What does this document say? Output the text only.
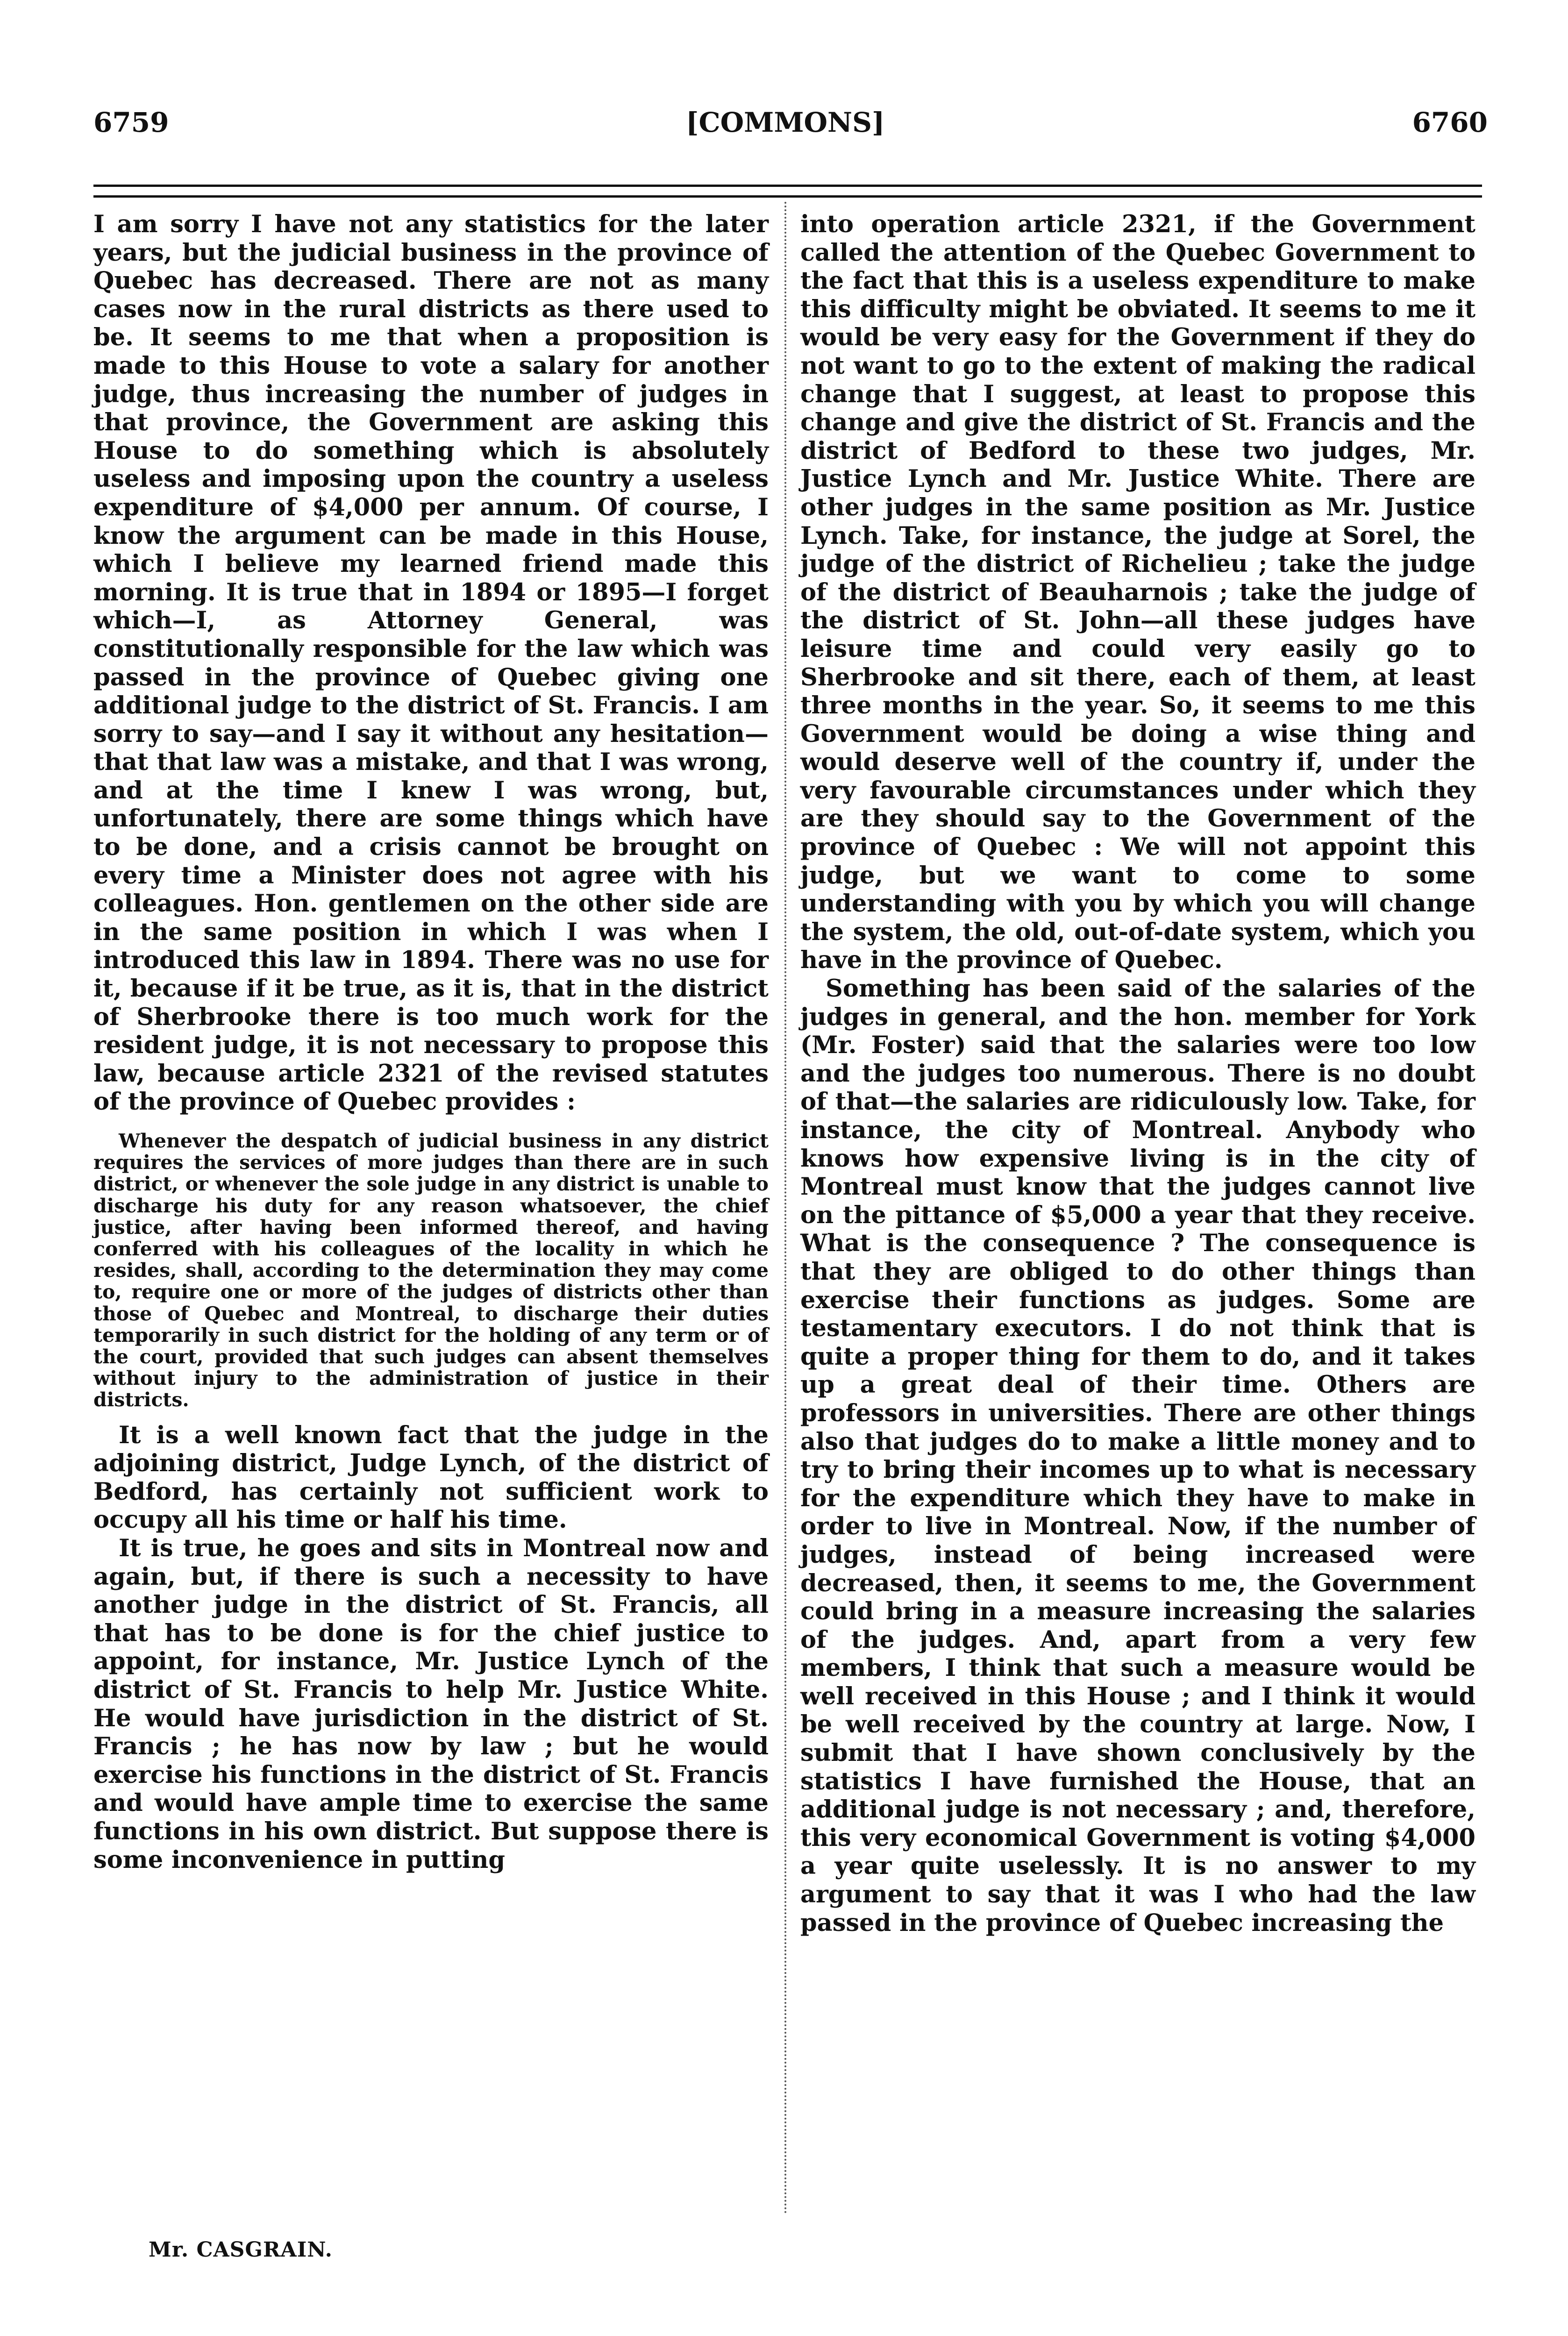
6759	[COMMONS]	6760

I am sorry I have not any statistics for the later years, but the judicial business in the province of Quebec has decreased. There are not as many cases now in the rural districts as there used to be. It seems to me that when a proposition is made to this House to vote a salary for another judge, thus increasing the number of judges in that province, the Government are asking this House to do something which is absolutely useless and imposing upon the country a useless expenditure of $4,000 per annum. Of course, I know the argument can be made in this House, which I believe my learned friend made this morning. It is true that in 1894 or 1895—I forget which—I, as Attorney General, was constitutionally responsible for the law which was passed in the province of Quebec giving one additional judge to the district of St. Francis. I am sorry to say—and I say it without any hesitation—that that law was a mistake, and that I was wrong, and at the time I knew I was wrong, but, unfortunately, there are some things which have to be done, and a crisis cannot be brought on every time a Minister does not agree with his colleagues. Hon. gentlemen on the other side are in the same position in which I was when I introduced this law in 1894. There was no use for it, because if it be true, as it is, that in the district of Sherbrooke there is too much work for the resident judge, it is not necessary to propose this law, because article 2321 of the revised statutes of the province of Quebec provides :

Whenever the despatch of judicial business in any district requires the services of more judges than there are in such district, or whenever the sole judge in any district is unable to discharge his duty for any reason whatsoever, the chief justice, after having been informed thereof, and having conferred with his colleagues of the locality in which he resides, shall, according to the determination they may come to, require one or more of the judges of districts other than those of Quebec and Montreal, to discharge their duties temporarily in such district for the holding of any term or of the court, provided that such judges can absent themselves without injury to the administration of justice in their districts.

It is a well known fact that the judge in the adjoining district, Judge Lynch, of the district of Bedford, has certainly not sufficient work to occupy all his time or half his time.

It is true, he goes and sits in Montreal now and again, but, if there is such a necessity to have another judge in the district of St. Francis, all that has to be done is for the chief justice to appoint, for instance, Mr. Justice Lynch of the district of St. Francis to help Mr. Justice White. He would have jurisdiction in the district of St. Francis ; he has now by law ; but he would exercise his functions in the district of St. Francis and would have ample time to exercise the same functions in his own district. But suppose there is some inconvenience in putting

into operation article 2321, if the Government called the attention of the Quebec Government to the fact that this is a useless expenditure to make this difficulty might be obviated. It seems to me it would be very easy for the Government if they do not want to go to the extent of making the radical change that I suggest, at least to propose this change and give the district of St. Francis and the district of Bedford to these two judges, Mr. Justice Lynch and Mr. Justice White. There are other judges in the same position as Mr. Justice Lynch. Take, for instance, the judge at Sorel, the judge of the district of Richelieu ; take the judge of the district of Beauharnois ; take the judge of the district of St. John—all these judges have leisure time and could very easily go to Sherbrooke and sit there, each of them, at least three months in the year. So, it seems to me this Government would be doing a wise thing and would deserve well of the country if, under the very favourable circumstances under which they are they should say to the Government of the province of Quebec : We will not appoint this judge, but we want to come to some understanding with you by which you will change the system, the old, out-of-date system, which you have in the province of Quebec.

Something has been said of the salaries of the judges in general, and the hon. member for York (Mr. Foster) said that the salaries were too low and the judges too numerous. There is no doubt of that—the salaries are ridiculously low. Take, for instance, the city of Montreal. Anybody who knows how expensive living is in the city of Montreal must know that the judges cannot live on the pittance of $5,000 a year that they receive. What is the consequence ? The consequence is that they are obliged to do other things than exercise their functions as judges. Some are testamentary executors. I do not think that is quite a proper thing for them to do, and it takes up a great deal of their time. Others are professors in universities. There are other things also that judges do to make a little money and to try to bring their incomes up to what is necessary for the expenditure which they have to make in order to live in Montreal. Now, if the number of judges, instead of being increased were decreased, then, it seems to me, the Government could bring in a measure increasing the salaries of the judges. And, apart from a very few members, I think that such a measure would be well received in this House ; and I think it would be well received by the country at large. Now, I submit that I have shown conclusively by the statistics I have furnished the House, that an additional judge is not necessary ; and, therefore, this very economical Government is voting $4,000 a year quite uselessly. It is no answer to my argument to say that it was I who had the law passed in the province of Quebec increasing the

Mr. CASGRAIN.
